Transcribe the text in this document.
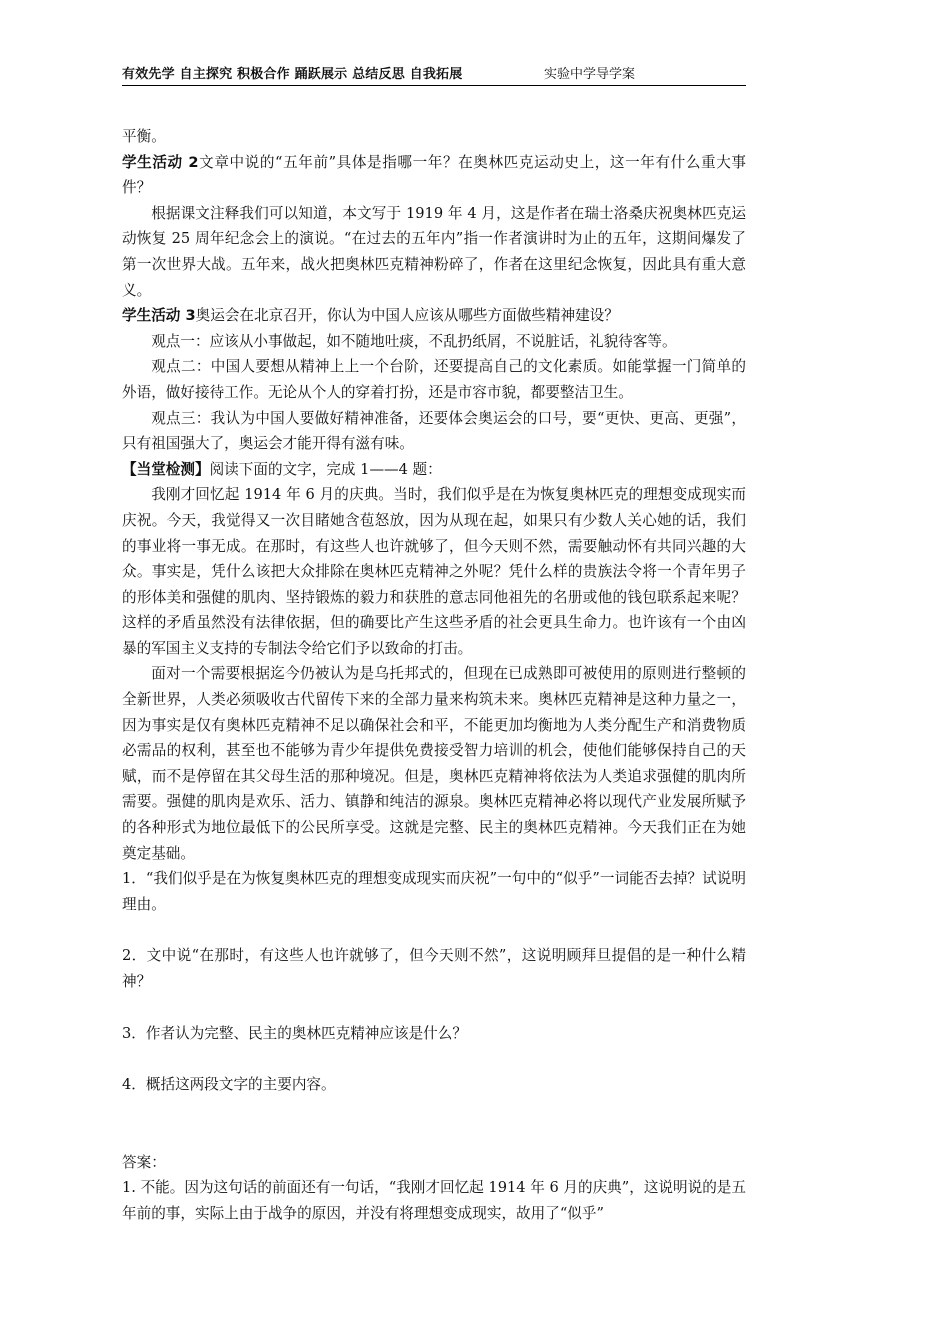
有效先学 自主探究 积极合作 踊跃展示 总结反思 自我拓展	实验中学导学案

平衡。

学生活动 2文章中说的“五年前”具体是指哪一年？在奥林匹克运动史上，这一年有什么重大事件？

根据课文注释我们可以知道，本文写于 1919 年 4 月，这是作者在瑞士洛桑庆祝奥林匹克运动恢复 25 周年纪念会上的演说。“在过去的五年内”指一作者演讲时为止的五年，这期间爆发了第一次世界大战。五年来，战火把奥林匹克精神粉碎了，作者在这里纪念恢复，因此具有重大意义。

学生活动 3奥运会在北京召开，你认为中国人应该从哪些方面做些精神建设？

观点一：应该从小事做起，如不随地吐痰，不乱扔纸屑，不说脏话，礼貌待客等。

观点二：中国人要想从精神上上一个台阶，还要提高自己的文化素质。如能掌握一门简单的外语，做好接待工作。无论从个人的穿着打扮，还是市容市貌，都要整洁卫生。

观点三：我认为中国人要做好精神准备，还要体会奥运会的口号，要“更快、更高、更强”，只有祖国强大了，奥运会才能开得有滋有味。

【当堂检测】阅读下面的文字，完成 1——4 题：

我刚才回忆起 1914 年 6 月的庆典。当时，我们似乎是在为恢复奥林匹克的理想变成现实而庆祝。今天，我觉得又一次目睹她含苞怒放，因为从现在起，如果只有少数人关心她的话，我们的事业将一事无成。在那时，有这些人也许就够了，但今天则不然，需要触动怀有共同兴趣的大众。事实是，凭什么该把大众排除在奥林匹克精神之外呢？凭什么样的贵族法令将一个青年男子的形体美和强健的肌肉、坚持锻炼的毅力和获胜的意志同他祖先的名册或他的钱包联系起来呢？这样的矛盾虽然没有法律依据，但的确要比产生这些矛盾的社会更具生命力。也许该有一个由凶暴的军国主义支持的专制法令给它们予以致命的打击。

面对一个需要根据迄今仍被认为是乌托邦式的，但现在已成熟即可被使用的原则进行整顿的全新世界，人类必须吸收古代留传下来的全部力量来构筑未来。奥林匹克精神是这种力量之一，因为事实是仅有奥林匹克精神不足以确保社会和平，不能更加均衡地为人类分配生产和消费物质必需品的权利，甚至也不能够为青少年提供免费接受智力培训的机会，使他们能够保持自己的天赋，而不是停留在其父母生活的那种境况。但是，奥林匹克精神将依法为人类追求强健的肌肉所需要。强健的肌肉是欢乐、活力、镇静和纯洁的源泉。奥林匹克精神必将以现代产业发展所赋予的各种形式为地位最低下的公民所享受。这就是完整、民主的奥林匹克精神。今天我们正在为她奠定基础。

1．“我们似乎是在为恢复奥林匹克的理想变成现实而庆祝”一句中的“似乎”一词能否去掉？试说明理由。

2．文中说“在那时，有这些人也许就够了，但今天则不然”，这说明顾拜旦提倡的是一种什么精神？

3．作者认为完整、民主的奥林匹克精神应该是什么？

4．概括这两段文字的主要内容。

答案：

1. 不能。因为这句话的前面还有一句话，“我刚才回忆起 1914 年 6 月的庆典”，这说明说的是五年前的事，实际上由于战争的原因，并没有将理想变成现实，故用了“似乎”
